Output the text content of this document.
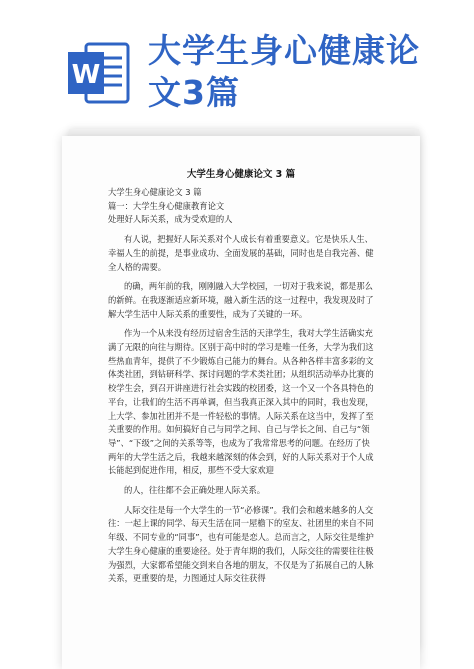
W
大学生身心健康论
文3篇
大学生身心健康论文 3 篇

大学生身心健康论文 3 篇

篇一：大学生身心健康教育论文

处理好人际关系，成为受欢迎的人

有人说，把握好人际关系对个人成长有着重要意义。它是快乐人生、幸福人生的前提，是事业成功、全面发展的基础，同时也是自我完善、健全人格的需要。

的确，两年前的我，刚刚融入大学校园，一切对于我来说，都是那么的新鲜。在我逐渐适应新环境，融入新生活的这一过程中，我发现及时了解大学生活中人际关系的重要性，成为了关键的一环。

作为一个从来没有经历过宿舍生活的天津学生，我对大学生活确实充满了无限的向往与期待。区别于高中时的学习是唯一任务，大学为我们这些热血青年，提供了不少锻炼自己能力的舞台。从各种各样丰富多彩的文体类社团，到钻研科学、探讨问题的学术类社团；从组织活动举办比赛的校学生会，到召开讲座进行社会实践的校团委，这一个又一个各具特色的平台，让我们的生活不再单调，但当我真正深入其中的同时，我也发现，上大学、参加社团并不是一件轻松的事情。人际关系在这当中，发挥了至关重要的作用。如何搞好自己与同学之间、自己与学长之间、自己与“领导”、“下级”之间的关系等等，也成为了我常常思考的问题。在经历了快两年的大学生活之后，我越来越深刻的体会到，好的人际关系对于个人成长能起到促进作用，相反，那些不受大家欢迎

的人，往往都不会正确处理人际关系。

人际交往是每一个大学生的一节“必修课”。我们会和越来越多的人交往：一起上课的同学、每天生活在同一屋檐下的室友、社团里的来自不同年级、不同专业的“同事”，也有可能是恋人。总而言之，人际交往是维护大学生身心健康的重要途径。处于青年期的我们，人际交往的需要往往极为强烈，大家都希望能交到来自各地的朋友，不仅是为了拓展自己的人脉关系，更重要的是，力图通过人际交往获得
